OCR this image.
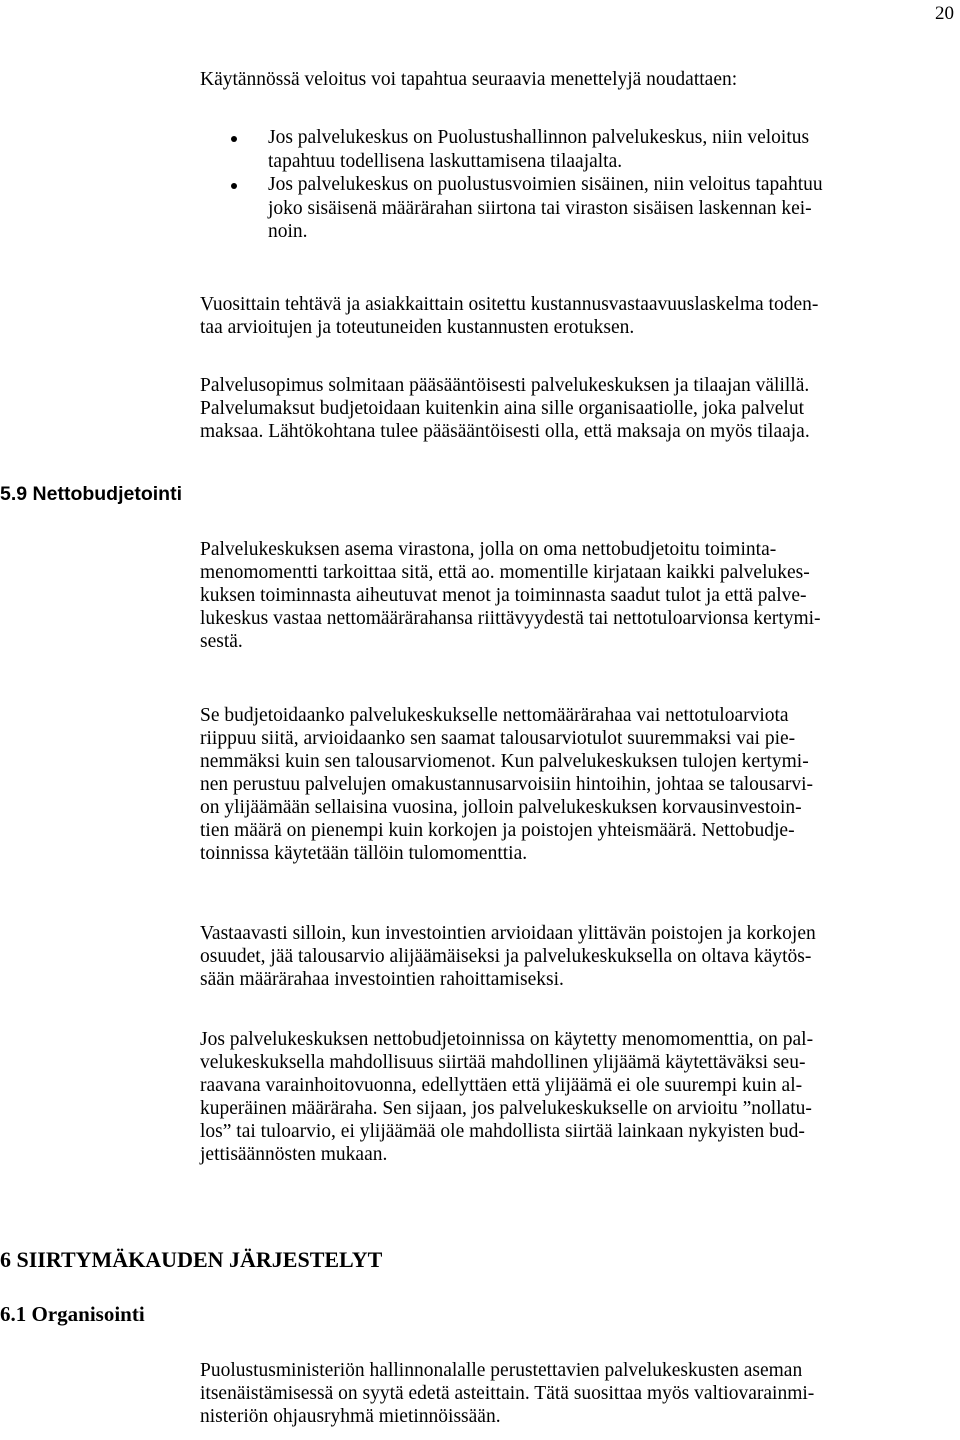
20

Käytännössä veloitus voi tapahtua seuraavia menettelyjä noudattaen:

Jos palvelukeskus on Puolustushallinnon palvelukeskus, niin veloitus
tapahtuu todellisena laskuttamisena tilaajalta.
Jos palvelukeskus on puolustusvoimien sisäinen, niin veloitus tapahtuu
joko sisäisenä määrärahan siirtona tai viraston sisäisen laskennan kei-
noin.
Vuosittain tehtävä ja asiakkaittain ositettu kustannusvastaavuuslaskelma toden-
taa arvioitujen ja toteutuneiden kustannusten erotuksen.
Palvelusopimus solmitaan pääsääntöisesti palvelukeskuksen ja tilaajan välillä.
Palvelumaksut budjetoidaan kuitenkin aina sille organisaatiolle, joka palvelut
maksaa. Lähtökohtana tulee pääsääntöisesti olla, että maksaja on myös tilaaja.
5.9 Nettobudjetointi
Palvelukeskuksen asema virastona, jolla on oma nettobudjetoitu toiminta-
menomomentti tarkoittaa sitä, että ao. momentille kirjataan kaikki palvelukes-
kuksen toiminnasta aiheutuvat menot ja toiminnasta saadut tulot ja että palve-
lukeskus vastaa nettomäärärahansa riittävyydestä tai nettotuloarvionsa kertymi-
sestä.
Se budjetoidaanko palvelukeskukselle nettomäärärahaa vai nettotuloarviota
riippuu siitä, arvioidaanko sen saamat talousarviotulot suuremmaksi vai pie-
nemmäksi kuin sen talousarviomenot. Kun palvelukeskuksen tulojen kertymi-
nen perustuu palvelujen omakustannusarvoisiin hintoihin, johtaa se talousarvi-
on ylijäämään sellaisina vuosina, jolloin palvelukeskuksen korvausinvestoin-
tien määrä on pienempi kuin korkojen ja poistojen yhteismäärä. Nettobudje-
toinnissa käytetään tällöin tulomomenttia.
Vastaavasti silloin, kun investointien arvioidaan ylittävän poistojen ja korkojen
osuudet, jää talousarvio alijäämäiseksi ja palvelukeskuksella on oltava käytös-
sään määrärahaa investointien rahoittamiseksi.
Jos palvelukeskuksen nettobudjetoinnissa on käytetty menomomenttia, on pal-
velukeskuksella mahdollisuus siirtää mahdollinen ylijäämä käytettäväksi seu-
raavana varainhoitovuonna, edellyttäen että ylijäämä ei ole suurempi kuin al-
kuperäinen määräraha. Sen sijaan, jos palvelukeskukselle on arvioitu ”nollatu-
los” tai tuloarvio, ei ylijäämää ole mahdollista siirtää lainkaan nykyisten bud-
jettisäännösten mukaan.
6 SIIRTYMÄKAUDEN JÄRJESTELYT
6.1 Organisointi
Puolustusministeriön hallinnonalalle perustettavien palvelukeskusten aseman
itsenäistämisessä on syytä edetä asteittain. Tätä suosittaa myös valtiovarainmi-
nisteriön ohjausryhmä mietinnöissään.
